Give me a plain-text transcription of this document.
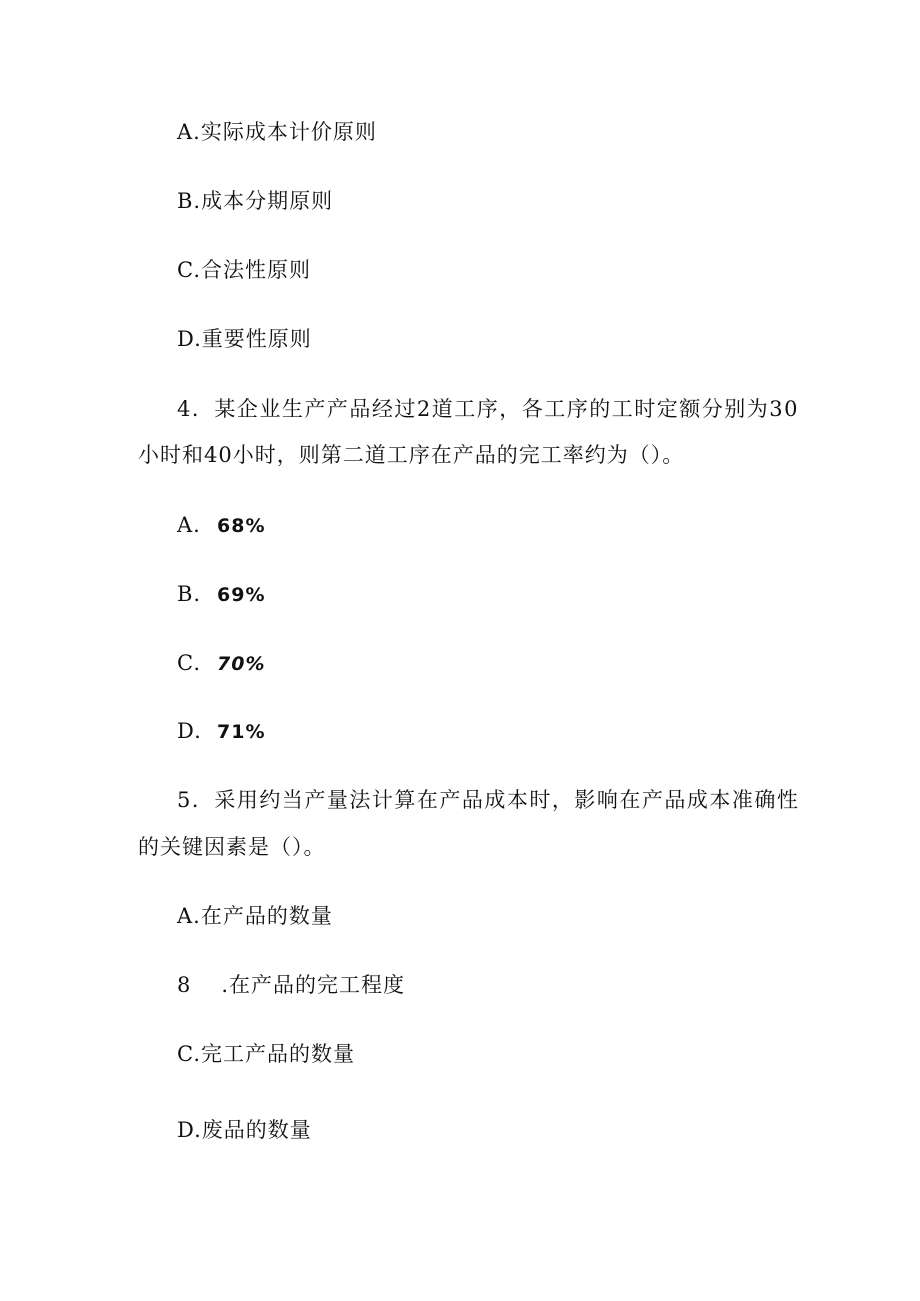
A.实际成本计价原则
B.成本分期原则
C.合法性原则
D.重要性原则
4．某企业生产产品经过2道工序，各工序的工时定额分别为30
小时和40小时，则第二道工序在产品的完工率约为（）。
A. 68%
B. 69%
C. 70%
D. 71%
5．采用约当产量法计算在产品成本时，影响在产品成本准确性
的关键因素是（）。
A.在产品的数量
8 .在产品的完工程度
C.完工产品的数量
D.废品的数量
